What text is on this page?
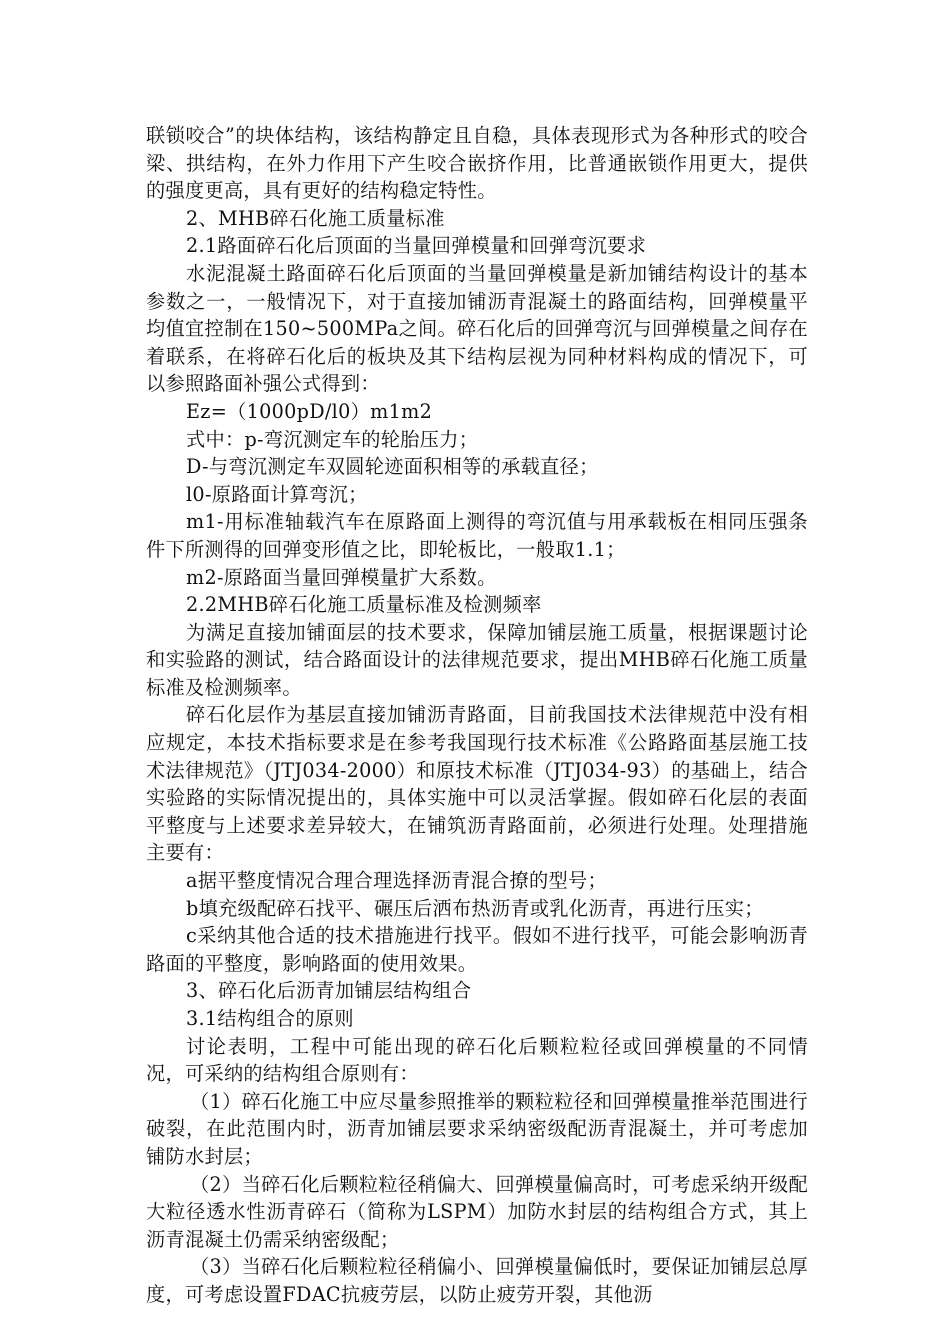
联锁咬合”的块体结构，该结构静定且自稳，具体表现形式为各种形式的咬合梁、拱结构，在外力作用下产生咬合嵌挤作用，比普通嵌锁作用更大，提供的强度更高，具有更好的结构稳定特性。

2、MHB碎石化施工质量标准

2.1路面碎石化后顶面的当量回弹模量和回弹弯沉要求

水泥混凝土路面碎石化后顶面的当量回弹模量是新加铺结构设计的基本参数之一，一般情况下，对于直接加铺沥青混凝土的路面结构，回弹模量平均值宜控制在150~500MPa之间。碎石化后的回弹弯沉与回弹模量之间存在着联系，在将碎石化后的板块及其下结构层视为同种材料构成的情况下，可以参照路面补强公式得到：

Ez=（1000pD/l0）m1m2

式中：p-弯沉测定车的轮胎压力；

D-与弯沉测定车双圆轮迹面积相等的承载直径；

l0-原路面计算弯沉；

m1-用标准轴载汽车在原路面上测得的弯沉值与用承载板在相同压强条件下所测得的回弹变形值之比，即轮板比，一般取1.1；

m2-原路面当量回弹模量扩大系数。

2.2MHB碎石化施工质量标准及检测频率

为满足直接加铺面层的技术要求，保障加铺层施工质量，根据课题讨论和实验路的测试，结合路面设计的法律规范要求，提出MHB碎石化施工质量标准及检测频率。

碎石化层作为基层直接加铺沥青路面，目前我国技术法律规范中没有相应规定，本技术指标要求是在参考我国现行技术标准《公路路面基层施工技术法律规范》（JTJ034-2000）和原技术标准（JTJ034-93）的基础上，结合实验路的实际情况提出的，具体实施中可以灵活掌握。假如碎石化层的表面平整度与上述要求差异较大，在铺筑沥青路面前，必须进行处理。处理措施主要有：

a据平整度情况合理合理选择沥青混合撩的型号；

b填充级配碎石找平、碾压后洒布热沥青或乳化沥青，再进行压实；

c采纳其他合适的技术措施进行找平。假如不进行找平，可能会影响沥青路面的平整度，影响路面的使用效果。

3、碎石化后沥青加铺层结构组合

3.1结构组合的原则

讨论表明，工程中可能出现的碎石化后颗粒粒径或回弹模量的不同情况，可采纳的结构组合原则有：

（1）碎石化施工中应尽量参照推举的颗粒粒径和回弹模量推举范围进行破裂，在此范围内时，沥青加铺层要求采纳密级配沥青混凝土，并可考虑加铺防水封层；

（2）当碎石化后颗粒粒径稍偏大、回弹模量偏高时，可考虑采纳开级配大粒径透水性沥青碎石（简称为LSPM）加防水封层的结构组合方式，其上沥青混凝土仍需采纳密级配；

（3）当碎石化后颗粒粒径稍偏小、回弹模量偏低时，要保证加铺层总厚度，可考虑设置FDAC抗疲劳层，以防止疲劳开裂，其他沥
